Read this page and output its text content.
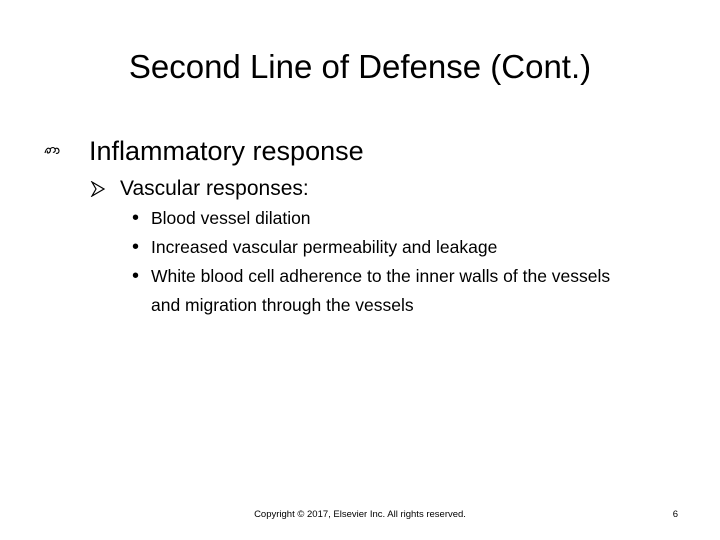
Second Line of Defense (Cont.)
Inflammatory response
Vascular responses:
• Blood vessel dilation
• Increased vascular permeability and leakage
• White blood cell adherence to the inner walls of the vessels and migration through the vessels
Copyright © 2017, Elsevier Inc. All rights reserved.	6
